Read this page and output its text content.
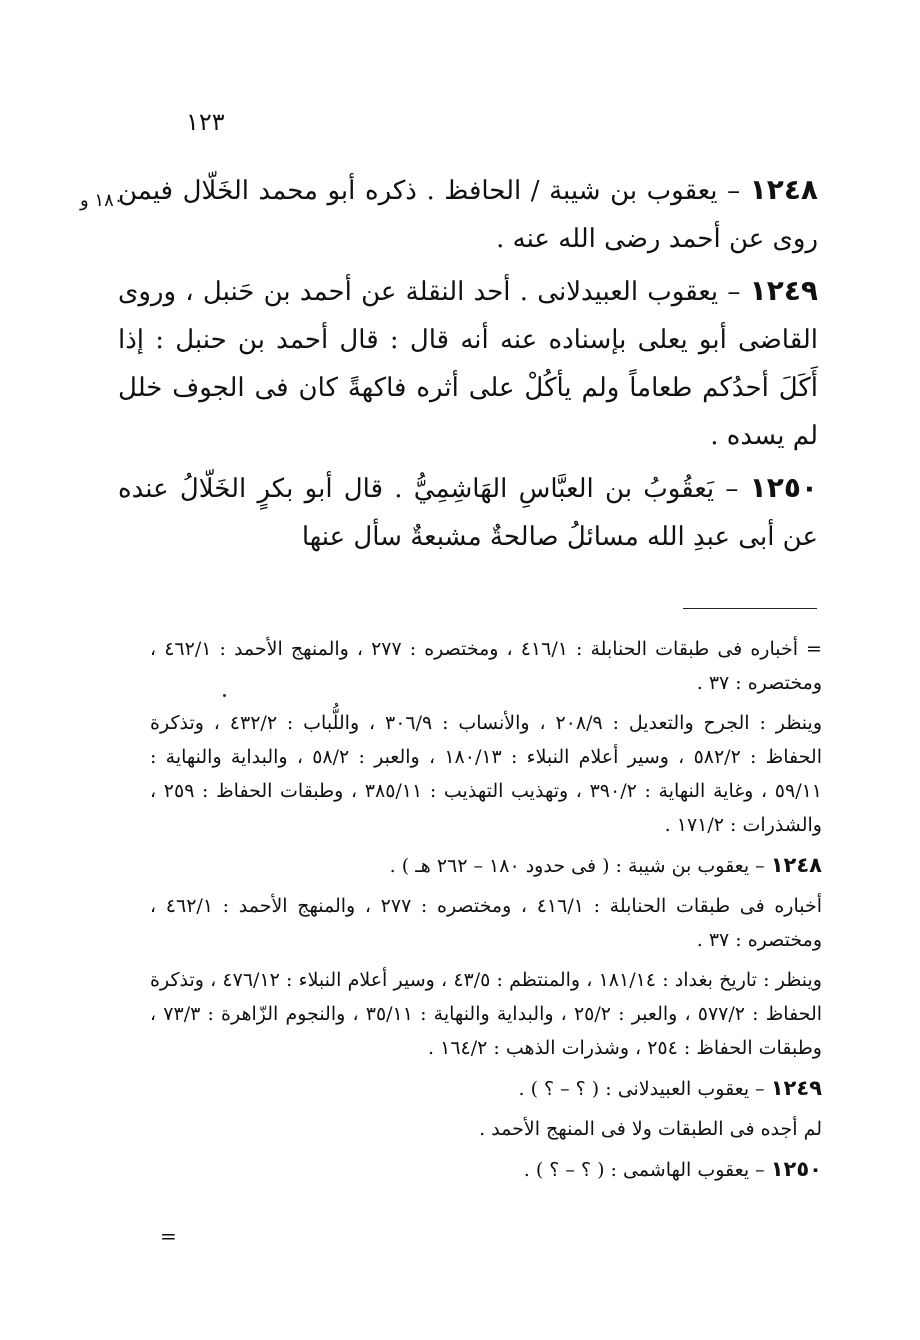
١٢٣
١٨٠ و	١٢٤٨ – يعقوب بن شيبة / الحافظ . ذكره أبو محمد الخَلّال فيمن روى عن أحمد رضى الله عنه .

١٢٤٩ – يعقوب العبيدلانى . أحد النقلة عن أحمد بن حَنبل ، وروى القاضى أبو يعلى بإسناده عنه أنه قال : قال أحمد بن حنبل : إذا أَكَلَ أحدُكم طعاماً ولم يأكُلْ على أثره فاكهةً كان فى الجوف خلل لم يسده .

١٢٥٠ – يَعقُوبُ بن العبَّاسِ الهَاشِمِيُّ . قال أبو بكرٍ الخَلّالُ عنده عن أبى عبدِ الله مسائلُ صالحةٌ مشبعةٌ سأل عنها

= أخباره فى طبقات الحنابلة : ٤١٦/١ ، ومختصره : ٢٧٧ ، والمنهج الأحمد : ٤٦٢/١ ، ومختصره : ٣٧ .

وينظر : الجرح والتعديل : ٢٠٨/٩ ، والأنساب : ٣٠٦/٩ ، واللُّباب : ٤٣٢/٢ ، وتذكرة الحفاظ : ٥٨٢/٢ ، وسير أعلام النبلاء : ١٨٠/١٣ ، والعبر : ٥٨/٢ ، والبداية والنهاية : ٥٩/١١ ، وغاية النهاية : ٣٩٠/٢ ، وتهذيب التهذيب : ٣٨٥/١١ ، وطبقات الحفاظ : ٢٥٩ ، والشذرات : ١٧١/٢ .

١٢٤٨ – يعقوب بن شيبة : ( فى حدود ١٨٠ – ٢٦٢ هـ ) .

أخباره فى طبقات الحنابلة : ٤١٦/١ ، ومختصره : ٢٧٧ ، والمنهج الأحمد : ٤٦٢/١ ، ومختصره : ٣٧ .

وينظر : تاريخ بغداد : ١٨١/١٤ ، والمنتظم : ٤٣/٥ ، وسير أعلام النبلاء : ٤٧٦/١٢ ، وتذكرة الحفاظ : ٥٧٧/٢ ، والعبر : ٢٥/٢ ، والبداية والنهاية : ٣٥/١١ ، والنجوم الزّاهرة : ٧٣/٣ ، وطبقات الحفاظ : ٢٥٤ ، وشذرات الذهب : ١٦٤/٢ .

١٢٤٩ – يعقوب العبيدلانى : ( ؟ – ؟ ) .

لم أجده فى الطبقات ولا فى المنهج الأحمد .

١٢٥٠ – يعقوب الهاشمى : ( ؟ – ؟ ) .

=
